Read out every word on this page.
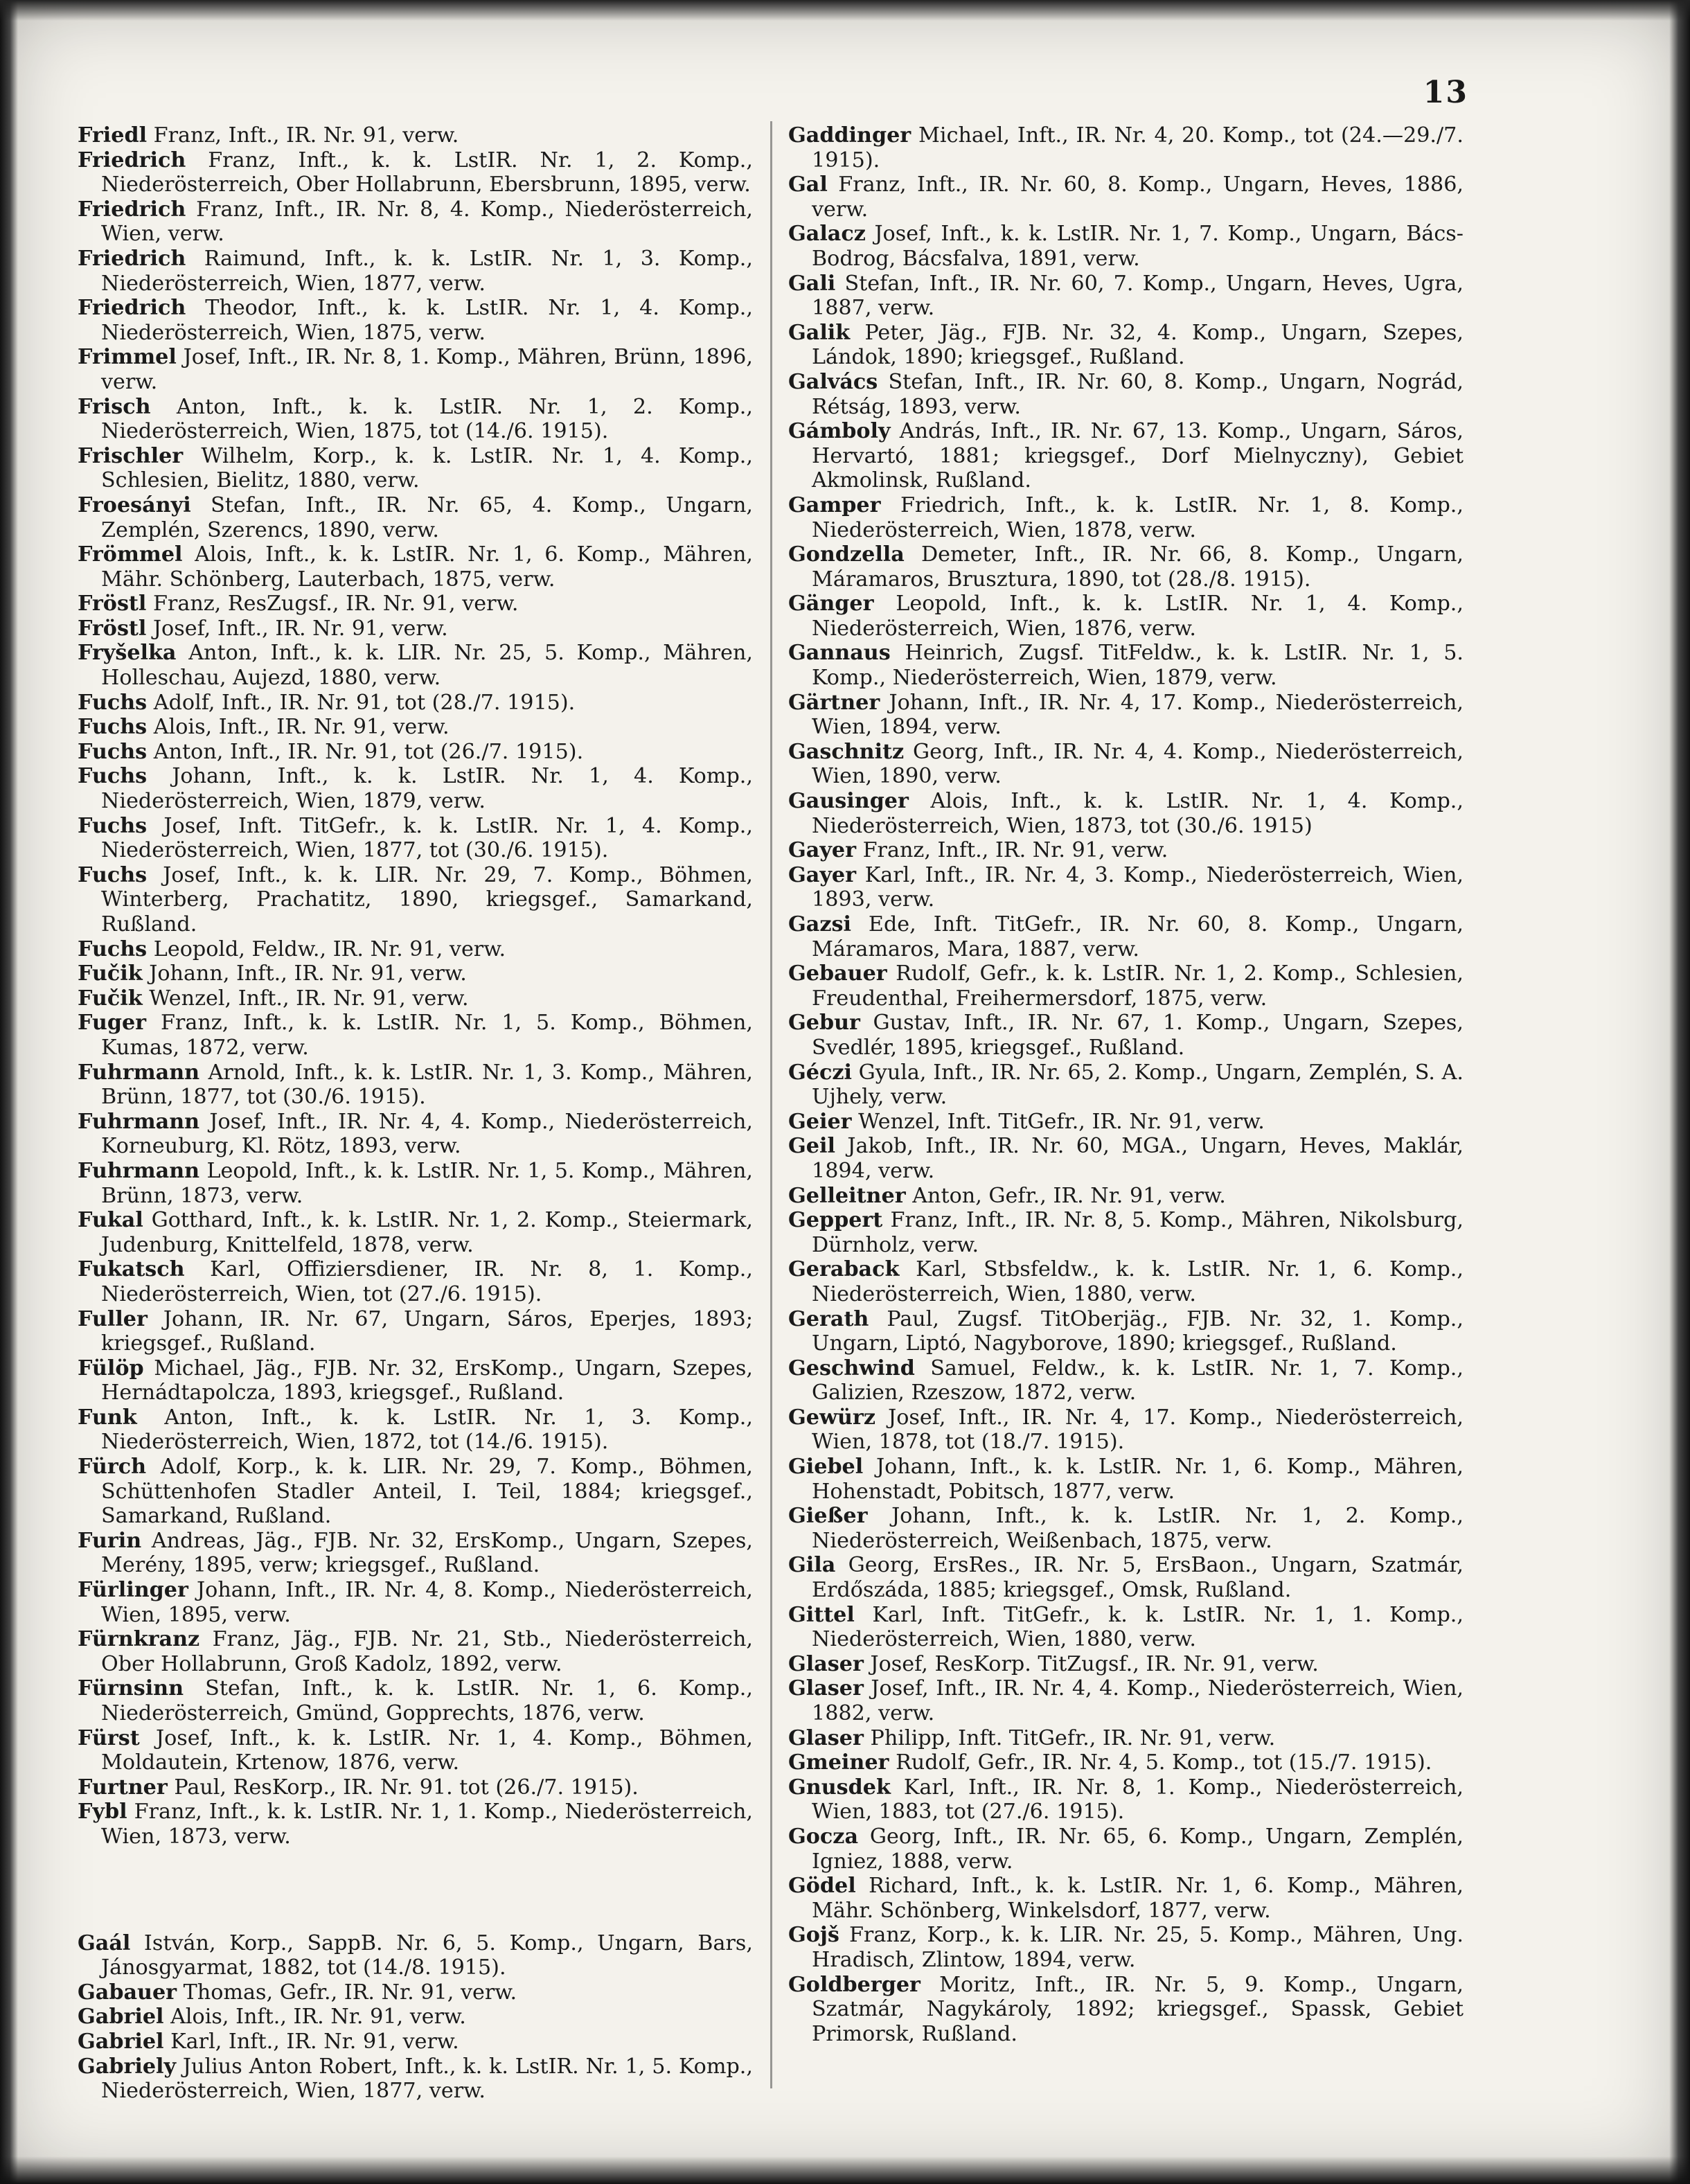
13
Friedl Franz, Inft., IR. Nr. 91, verw.
Friedrich Franz, Inft., k. k. LstIR. Nr. 1, 2. Komp., Niederösterreich, Ober Hollabrunn, Ebersbrunn, 1895, verw.
Friedrich Franz, Inft., IR. Nr. 8, 4. Komp., Niederösterreich, Wien, verw.
Friedrich Raimund, Inft., k. k. LstIR. Nr. 1, 3. Komp., Niederösterreich, Wien, 1877, verw.
Friedrich Theodor, Inft., k. k. LstIR. Nr. 1, 4. Komp., Niederösterreich, Wien, 1875, verw.
Frimmel Josef, Inft., IR. Nr. 8, 1. Komp., Mähren, Brünn, 1896, verw.
Frisch Anton, Inft., k. k. LstIR. Nr. 1, 2. Komp., Niederösterreich, Wien, 1875, tot (14./6. 1915).
Frischler Wilhelm, Korp., k. k. LstIR. Nr. 1, 4. Komp., Schlesien, Bielitz, 1880, verw.
Froesányi Stefan, Inft., IR. Nr. 65, 4. Komp., Ungarn, Zemplén, Szerencs, 1890, verw.
Frömmel Alois, Inft., k. k. LstIR. Nr. 1, 6. Komp., Mähren, Mähr. Schönberg, Lauterbach, 1875, verw.
Fröstl Franz, ResZugsf., IR. Nr. 91, verw.
Fröstl Josef, Inft., IR. Nr. 91, verw.
Fryšelka Anton, Inft., k. k. LIR. Nr. 25, 5. Komp., Mähren, Holleschau, Aujezd, 1880, verw.
Fuchs Adolf, Inft., IR. Nr. 91, tot (28./7. 1915).
Fuchs Alois, Inft., IR. Nr. 91, verw.
Fuchs Anton, Inft., IR. Nr. 91, tot (26./7. 1915).
Fuchs Johann, Inft., k. k. LstIR. Nr. 1, 4. Komp., Niederösterreich, Wien, 1879, verw.
Fuchs Josef, Inft. TitGefr., k. k. LstIR. Nr. 1, 4. Komp., Niederösterreich, Wien, 1877, tot (30./6. 1915).
Fuchs Josef, Inft., k. k. LIR. Nr. 29, 7. Komp., Böhmen, Winterberg, Prachatitz, 1890, kriegsgef., Samarkand, Rußland.
Fuchs Leopold, Feldw., IR. Nr. 91, verw.
Fučik Johann, Inft., IR. Nr. 91, verw.
Fučik Wenzel, Inft., IR. Nr. 91, verw.
Fuger Franz, Inft., k. k. LstIR. Nr. 1, 5. Komp., Böhmen, Kumas, 1872, verw.
Fuhrmann Arnold, Inft., k. k. LstIR. Nr. 1, 3. Komp., Mähren, Brünn, 1877, tot (30./6. 1915).
Fuhrmann Josef, Inft., IR. Nr. 4, 4. Komp., Niederösterreich, Korneuburg, Kl. Rötz, 1893, verw.
Fuhrmann Leopold, Inft., k. k. LstIR. Nr. 1, 5. Komp., Mähren, Brünn, 1873, verw.
Fukal Gotthard, Inft., k. k. LstIR. Nr. 1, 2. Komp., Steiermark, Judenburg, Knittelfeld, 1878, verw.
Fukatsch Karl, Offiziersdiener, IR. Nr. 8, 1. Komp., Niederösterreich, Wien, tot (27./6. 1915).
Fuller Johann, IR. Nr. 67, Ungarn, Sáros, Eperjes, 1893; kriegsgef., Rußland.
Fülöp Michael, Jäg., FJB. Nr. 32, ErsKomp., Ungarn, Szepes, Hernádtapolcza, 1893, kriegsgef., Rußland.
Funk Anton, Inft., k. k. LstIR. Nr. 1, 3. Komp., Niederösterreich, Wien, 1872, tot (14./6. 1915).
Fürch Adolf, Korp., k. k. LIR. Nr. 29, 7. Komp., Böhmen, Schüttenhofen Stadler Anteil, I. Teil, 1884; kriegsgef., Samarkand, Rußland.
Furin Andreas, Jäg., FJB. Nr. 32, ErsKomp., Ungarn, Szepes, Merény, 1895, verw; kriegsgef., Rußland.
Fürlinger Johann, Inft., IR. Nr. 4, 8. Komp., Niederösterreich, Wien, 1895, verw.
Fürnkranz Franz, Jäg., FJB. Nr. 21, Stb., Niederösterreich, Ober Hollabrunn, Groß Kadolz, 1892, verw.
Fürnsinn Stefan, Inft., k. k. LstIR. Nr. 1, 6. Komp., Niederösterreich, Gmünd, Gopprechts, 1876, verw.
Fürst Josef, Inft., k. k. LstIR. Nr. 1, 4. Komp., Böhmen, Moldautein, Krtenow, 1876, verw.
Furtner Paul, ResKorp., IR. Nr. 91. tot (26./7. 1915).
Fybl Franz, Inft., k. k. LstIR. Nr. 1, 1. Komp., Niederösterreich, Wien, 1873, verw.
Gaál István, Korp., SappB. Nr. 6, 5. Komp., Ungarn, Bars, Jánosgyarmat, 1882, tot (14./8. 1915).
Gabauer Thomas, Gefr., IR. Nr. 91, verw.
Gabriel Alois, Inft., IR. Nr. 91, verw.
Gabriel Karl, Inft., IR. Nr. 91, verw.
Gabriely Julius Anton Robert, Inft., k. k. LstIR. Nr. 1, 5. Komp., Niederösterreich, Wien, 1877, verw.
Gaddinger Michael, Inft., IR. Nr. 4, 20. Komp., tot (24.—29./7. 1915).
Gal Franz, Inft., IR. Nr. 60, 8. Komp., Ungarn, Heves, 1886, verw.
Galacz Josef, Inft., k. k. LstIR. Nr. 1, 7. Komp., Ungarn, Bács-Bodrog, Bácsfalva, 1891, verw.
Gali Stefan, Inft., IR. Nr. 60, 7. Komp., Ungarn, Heves, Ugra, 1887, verw.
Galik Peter, Jäg., FJB. Nr. 32, 4. Komp., Ungarn, Szepes, Lándok, 1890; kriegsgef., Rußland.
Galvács Stefan, Inft., IR. Nr. 60, 8. Komp., Ungarn, Nográd, Rétság, 1893, verw.
Gámboly András, Inft., IR. Nr. 67, 13. Komp., Ungarn, Sáros, Hervartó, 1881; kriegsgef., Dorf Mielnyczny), Gebiet Akmolinsk, Rußland.
Gamper Friedrich, Inft., k. k. LstIR. Nr. 1, 8. Komp., Niederösterreich, Wien, 1878, verw.
Gondzella Demeter, Inft., IR. Nr. 66, 8. Komp., Ungarn, Máramaros, Brusztura, 1890, tot (28./8. 1915).
Gänger Leopold, Inft., k. k. LstIR. Nr. 1, 4. Komp., Niederösterreich, Wien, 1876, verw.
Gannaus Heinrich, Zugsf. TitFeldw., k. k. LstIR. Nr. 1, 5. Komp., Niederösterreich, Wien, 1879, verw.
Gärtner Johann, Inft., IR. Nr. 4, 17. Komp., Niederösterreich, Wien, 1894, verw.
Gaschnitz Georg, Inft., IR. Nr. 4, 4. Komp., Niederösterreich, Wien, 1890, verw.
Gausinger Alois, Inft., k. k. LstIR. Nr. 1, 4. Komp., Niederösterreich, Wien, 1873, tot (30./6. 1915)
Gayer Franz, Inft., IR. Nr. 91, verw.
Gayer Karl, Inft., IR. Nr. 4, 3. Komp., Niederösterreich, Wien, 1893, verw.
Gazsi Ede, Inft. TitGefr., IR. Nr. 60, 8. Komp., Ungarn, Máramaros, Mara, 1887, verw.
Gebauer Rudolf, Gefr., k. k. LstIR. Nr. 1, 2. Komp., Schlesien, Freudenthal, Freihermersdorf, 1875, verw.
Gebur Gustav, Inft., IR. Nr. 67, 1. Komp., Ungarn, Szepes, Svedlér, 1895, kriegsgef., Rußland.
Géczi Gyula, Inft., IR. Nr. 65, 2. Komp., Ungarn, Zemplén, S. A. Ujhely, verw.
Geier Wenzel, Inft. TitGefr., IR. Nr. 91, verw.
Geil Jakob, Inft., IR. Nr. 60, MGA., Ungarn, Heves, Maklár, 1894, verw.
Gelleitner Anton, Gefr., IR. Nr. 91, verw.
Geppert Franz, Inft., IR. Nr. 8, 5. Komp., Mähren, Nikolsburg, Dürnholz, verw.
Geraback Karl, Stbsfeldw., k. k. LstIR. Nr. 1, 6. Komp., Niederösterreich, Wien, 1880, verw.
Gerath Paul, Zugsf. TitOberjäg., FJB. Nr. 32, 1. Komp., Ungarn, Liptó, Nagyborove, 1890; kriegsgef., Rußland.
Geschwind Samuel, Feldw., k. k. LstIR. Nr. 1, 7. Komp., Galizien, Rzeszow, 1872, verw.
Gewürz Josef, Inft., IR. Nr. 4, 17. Komp., Niederösterreich, Wien, 1878, tot (18./7. 1915).
Giebel Johann, Inft., k. k. LstIR. Nr. 1, 6. Komp., Mähren, Hohenstadt, Pobitsch, 1877, verw.
Gießer Johann, Inft., k. k. LstIR. Nr. 1, 2. Komp., Niederösterreich, Weißenbach, 1875, verw.
Gila Georg, ErsRes., IR. Nr. 5, ErsBaon., Ungarn, Szatmár, Erdőszáda, 1885; kriegsgef., Omsk, Rußland.
Gittel Karl, Inft. TitGefr., k. k. LstIR. Nr. 1, 1. Komp., Niederösterreich, Wien, 1880, verw.
Glaser Josef, ResKorp. TitZugsf., IR. Nr. 91, verw.
Glaser Josef, Inft., IR. Nr. 4, 4. Komp., Niederösterreich, Wien, 1882, verw.
Glaser Philipp, Inft. TitGefr., IR. Nr. 91, verw.
Gmeiner Rudolf, Gefr., IR. Nr. 4, 5. Komp., tot (15./7. 1915).
Gnusdek Karl, Inft., IR. Nr. 8, 1. Komp., Niederösterreich, Wien, 1883, tot (27./6. 1915).
Gocza Georg, Inft., IR. Nr. 65, 6. Komp., Ungarn, Zemplén, Igniez, 1888, verw.
Gödel Richard, Inft., k. k. LstIR. Nr. 1, 6. Komp., Mähren, Mähr. Schönberg, Winkelsdorf, 1877, verw.
Gojš Franz, Korp., k. k. LIR. Nr. 25, 5. Komp., Mähren, Ung. Hradisch, Zlintow, 1894, verw.
Goldberger Moritz, Inft., IR. Nr. 5, 9. Komp., Ungarn, Szatmár, Nagykároly, 1892; kriegsgef., Spassk, Gebiet Primorsk, Rußland.
